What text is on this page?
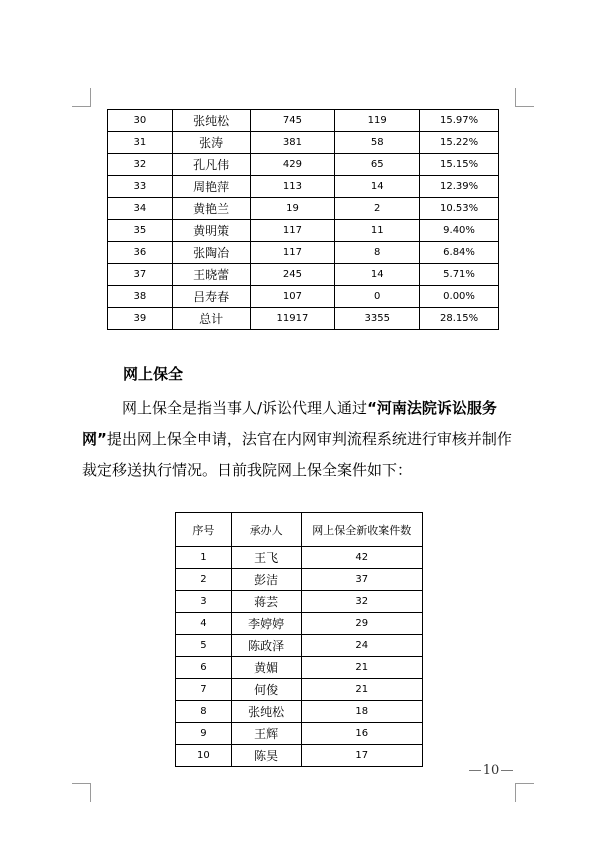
30	张纯松	745	119	15.97%
31	张涛	381	58	15.22%
32	孔凡伟	429	65	15.15%
33	周艳萍	113	14	12.39%
34	黄艳兰	19	2	10.53%
35	黄明策	117	11	9.40%
36	张陶冶	117	8	6.84%
37	王晓蕾	245	14	5.71%
38	吕寿春	107	0	0.00%
39	总计	11917	3355	28.15%
网上保全

网上保全是指当事人/诉讼代理人通过“河南法院诉讼服务网”提出网上保全申请，法官在内网审判流程系统进行审核并制作裁定移送执行情况。日前我院网上保全案件如下：

序号	承办人	网上保全新收案件数
1	王飞	42
2	彭洁	37
3	蒋芸	32
4	李婷婷	29
5	陈政泽	24
6	黄媚	21
7	何俊	21
8	张纯松	18
9	王辉	16
10	陈昊	17
10
